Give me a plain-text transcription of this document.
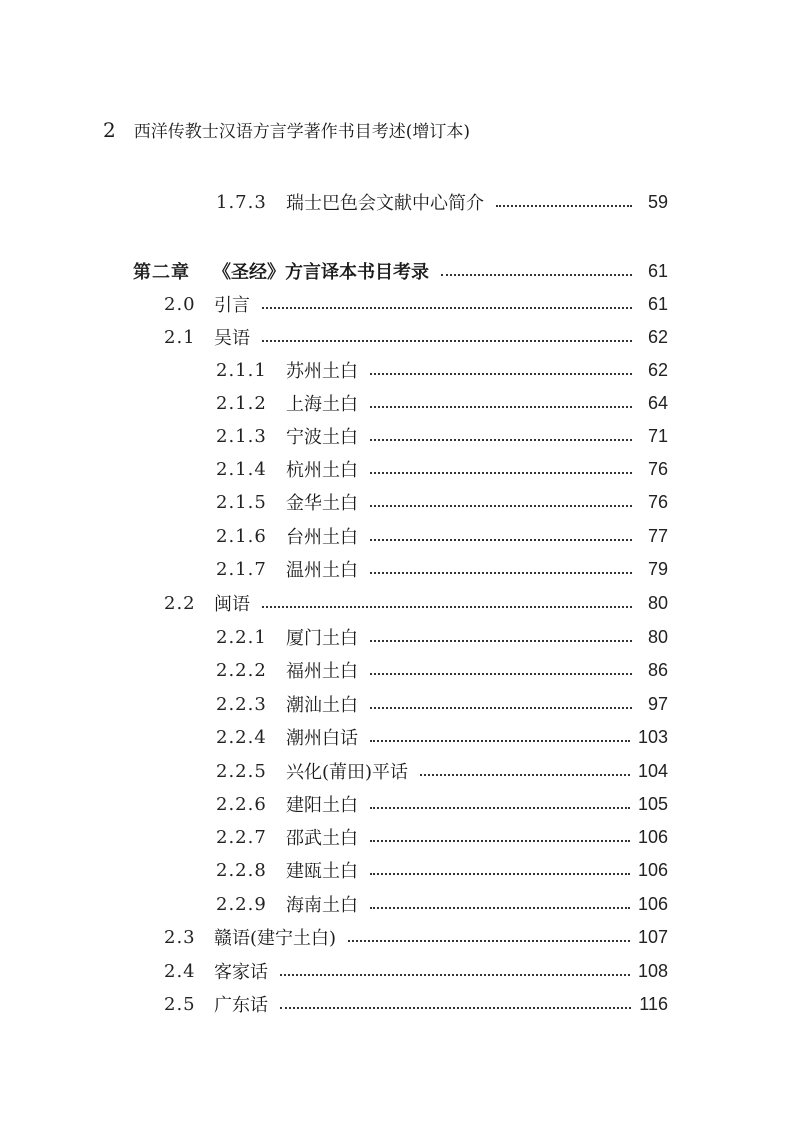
2 西洋传教士汉语方言学著作书目考述(增订本)
1.7.3	瑞士巴色会文献中心简介	59
第二章	《圣经》方言译本书目考录	61
2.0	引言	61
2.1	吴语	62
2.1.1	苏州土白	62
2.1.2	上海土白	64
2.1.3	宁波土白	71
2.1.4	杭州土白	76
2.1.5	金华土白	76
2.1.6	台州土白	77
2.1.7	温州土白	79
2.2	闽语	80
2.2.1	厦门土白	80
2.2.2	福州土白	86
2.2.3	潮汕土白	97
2.2.4	潮州白话	103
2.2.5	兴化(莆田)平话	104
2.2.6	建阳土白	105
2.2.7	邵武土白	106
2.2.8	建瓯土白	106
2.2.9	海南土白	106
2.3	赣语(建宁土白)	107
2.4	客家话	108
2.5	广东话	116
